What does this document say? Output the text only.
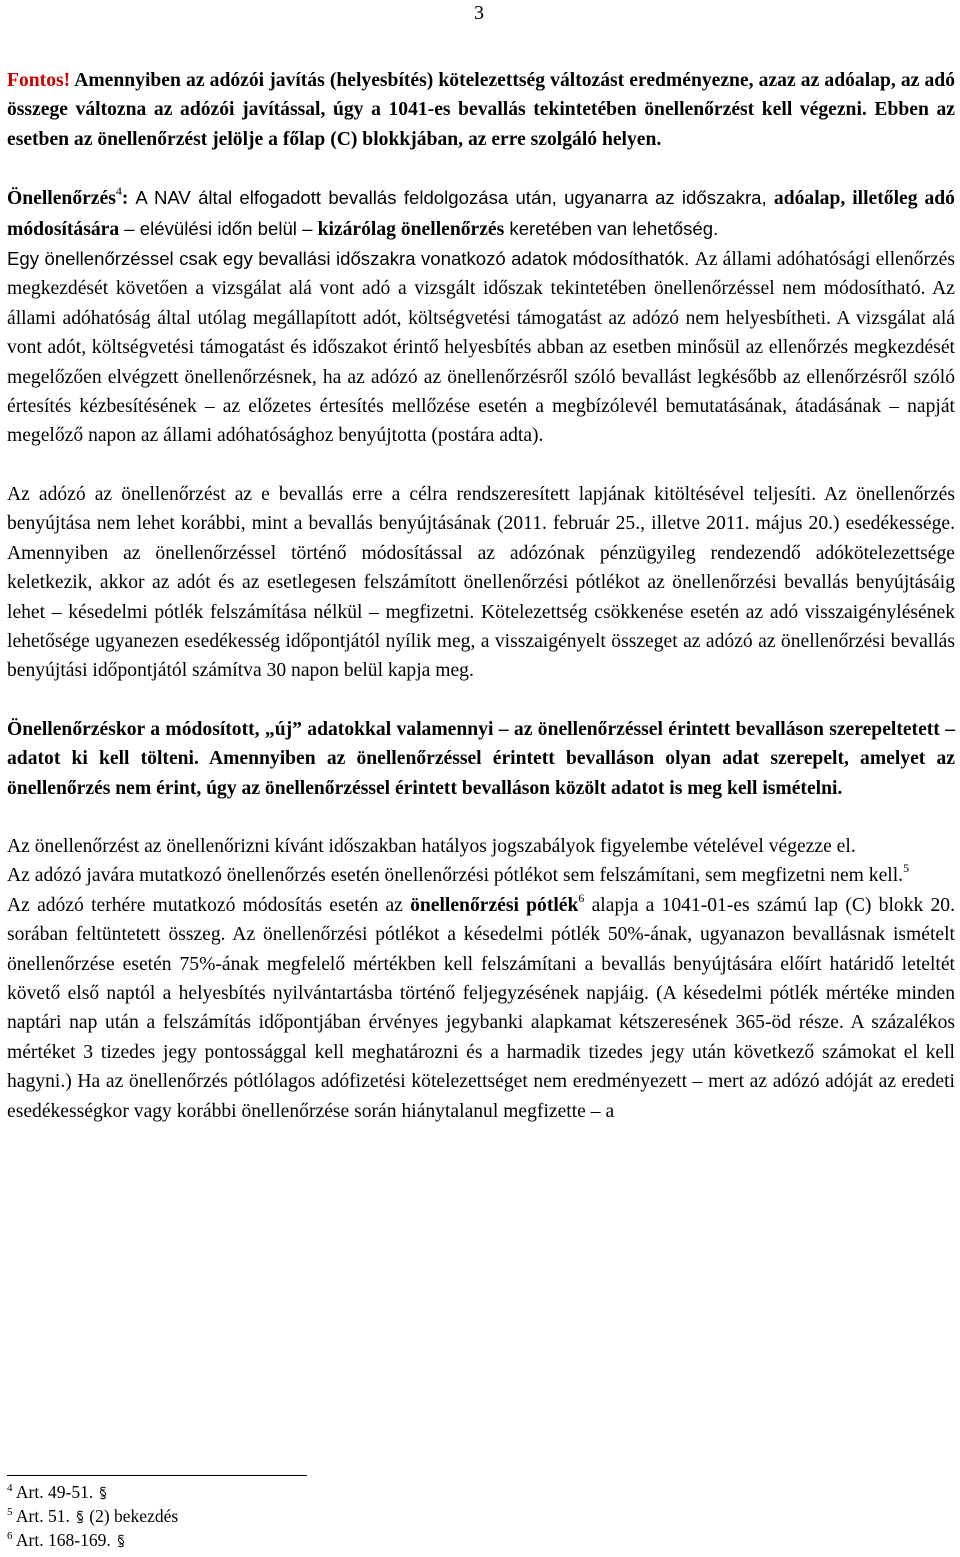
3

Fontos! Amennyiben az adózói javítás (helyesbítés) kötelezettség változást eredményezne, azaz az adóalap, az adó összege változna az adózói javítással, úgy a 1041-es bevallás tekintetében önellenőrzést kell végezni. Ebben az esetben az önellenőrzést jelölje a főlap (C) blokkjában, az erre szolgáló helyen.

Önellenőrzés$^4$: A NAV által elfogadott bevallás feldolgozása után, ugyanarra az időszakra, adóalap, illetőleg adó módosítására – elévülési időn belül – kizárólag önellenőrzés keretében van lehetőség.

Egy önellenőrzéssel csak egy bevallási időszakra vonatkozó adatok módosíthatók. Az állami adóhatósági ellenőrzés megkezdését követően a vizsgálat alá vont adó a vizsgált időszak tekintetében önellenőrzéssel nem módosítható. Az állami adóhatóság által utólag megállapított adót, költségvetési támogatást az adózó nem helyesbítheti. A vizsgálat alá vont adót, költségvetési támogatást és időszakot érintő helyesbítés abban az esetben minősül az ellenőrzés megkezdését megelőzően elvégzett önellenőrzésnek, ha az adózó az önellenőrzésről szóló bevallást legkésőbb az ellenőrzésről szóló értesítés kézbesítésének – az előzetes értesítés mellőzése esetén a megbízólevél bemutatásának, átadásának – napját megelőző napon az állami adóhatósághoz benyújtotta (postára adta).

Az adózó az önellenőrzést az e bevallás erre a célra rendszeresített lapjának kitöltésével teljesíti. Az önellenőrzés benyújtása nem lehet korábbi, mint a bevallás benyújtásának (2011. február 25., illetve 2011. május 20.) esedékessége. Amennyiben az önellenőrzéssel történő módosítással az adózónak pénzügyileg rendezendő adókötelezettsége keletkezik, akkor az adót és az esetlegesen felszámított önellenőrzési pótlékot az önellenőrzési bevallás benyújtásáig lehet – késedelmi pótlék felszámítása nélkül – megfizetni. Kötelezettség csökkenése esetén az adó visszaigénylésének lehetősége ugyanezen esedékesség időpontjától nyílik meg, a visszaigényelt összeget az adózó az önellenőrzési bevallás benyújtási időpontjától számítva 30 napon belül kapja meg.

Önellenőrzéskor a módosított, „új” adatokkal valamennyi – az önellenőrzéssel érintett bevalláson szerepeltetett – adatot ki kell tölteni. Amennyiben az önellenőrzéssel érintett bevalláson olyan adat szerepelt, amelyet az önellenőrzés nem érint, úgy az önellenőrzéssel érintett bevalláson közölt adatot is meg kell ismételni.

Az önellenőrzést az önellenőrizni kívánt időszakban hatályos jogszabályok figyelembe vételével végezze el.

Az adózó javára mutatkozó önellenőrzés esetén önellenőrzési pótlékot sem felszámítani, sem megfizetni nem kell.$^5$

Az adózó terhére mutatkozó módosítás esetén az önellenőrzési pótlék$^6$ alapja a 1041-01-es számú lap (C) blokk 20. sorában feltüntetett összeg. Az önellenőrzési pótlékot a késedelmi pótlék 50%-ának, ugyanazon bevallásnak ismételt önellenőrzése esetén 75%-ának megfelelő mértékben kell felszámítani a bevallás benyújtására előírt határidő leteltét követő első naptól a helyesbítés nyilvántartásba történő feljegyzésének napjáig. (A késedelmi pótlék mértéke minden naptári nap után a felszámítás időpontjában érvényes jegybanki alapkamat kétszeresének 365-öd része. A százalékos mértéket 3 tizedes jegy pontossággal kell meghatározni és a harmadik tizedes jegy után következő számokat el kell hagyni.) Ha az önellenőrzés pótlólagos adófizetési kötelezettséget nem eredményezett – mert az adózó adóját az eredeti esedékességkor vagy korábbi önellenőrzése során hiánytalanul megfizette – a

$^4$ Art. 49-51.
$^5$ Art. 51. (2) bekezdés
$^6$ Art. 168-169.
